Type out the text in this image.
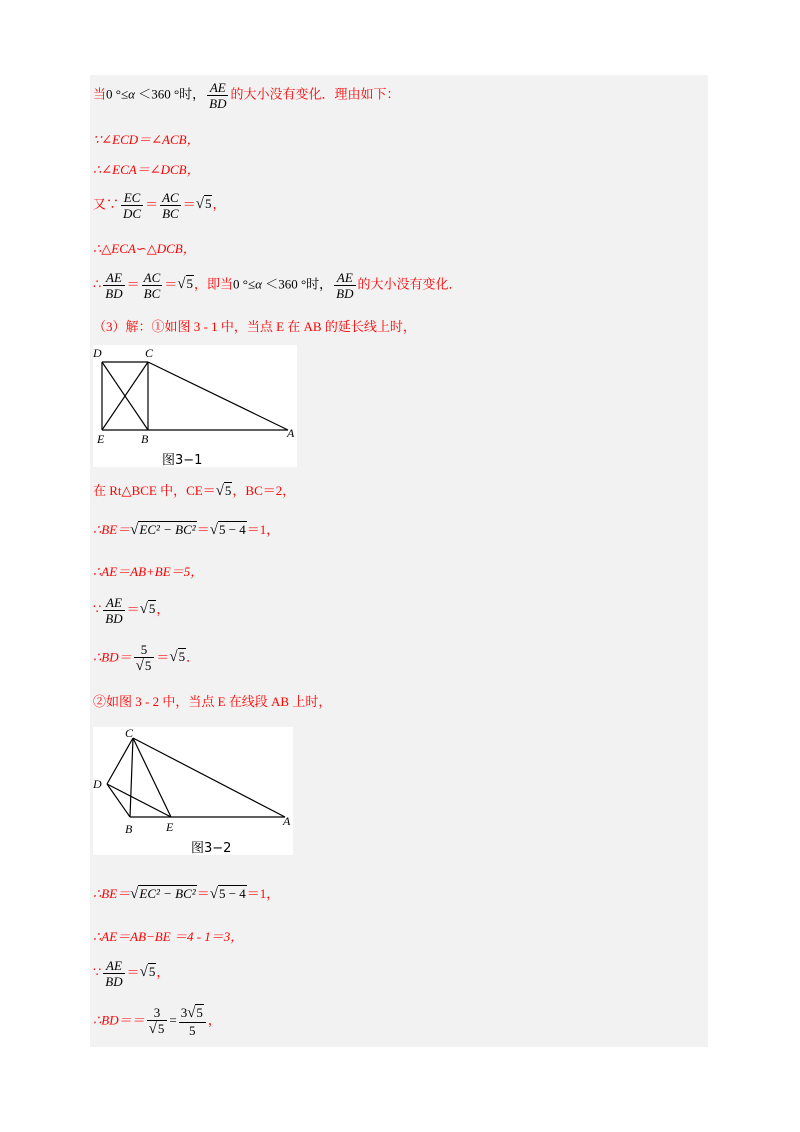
当0 °≤α ＜360 °时， $\frac{AE}{BD}$ 的大小没有变化．理由如下：
∵∠ECD＝∠ACB，
∴∠ECA＝∠DCB，
又∵ $\frac{EC}{DC} = \frac{AC}{BC} =√5$，
∴△ECA∽△DCB，
∴ $\frac{AE}{BD} = \frac{AC}{BC} =√5$，即当0 °≤α ＜360 °时， $\frac{AE}{BD}$ 的大小没有变化．
（3）解：①如图 3 - 1 中，当点 E 在 AB 的延长线上时，
D	C
E	B	A
图3−1
在 Rt△BCE 中，CE＝√5，BC＝2，
∴BE＝√EC² − BC²＝√5 − 4＝1，
∴AE＝AB+BE＝5，
∵ $\frac{AE}{BD} =√5$，
∴BD＝ $\frac{5}{√5} =√5$．
②如图 3 - 2 中，当点 E 在线段 AB 上时，
C
D
B	E	A
图3−2
∴BE＝√EC² − BC²＝√5 − 4＝1，
∴AE＝AB−BE ＝4 - 1＝3，
∵ $\frac{AE}{BD} =√5$，
∴BD＝＝ $\frac{3}{√5} = \frac{3√5}{5}$ ，
